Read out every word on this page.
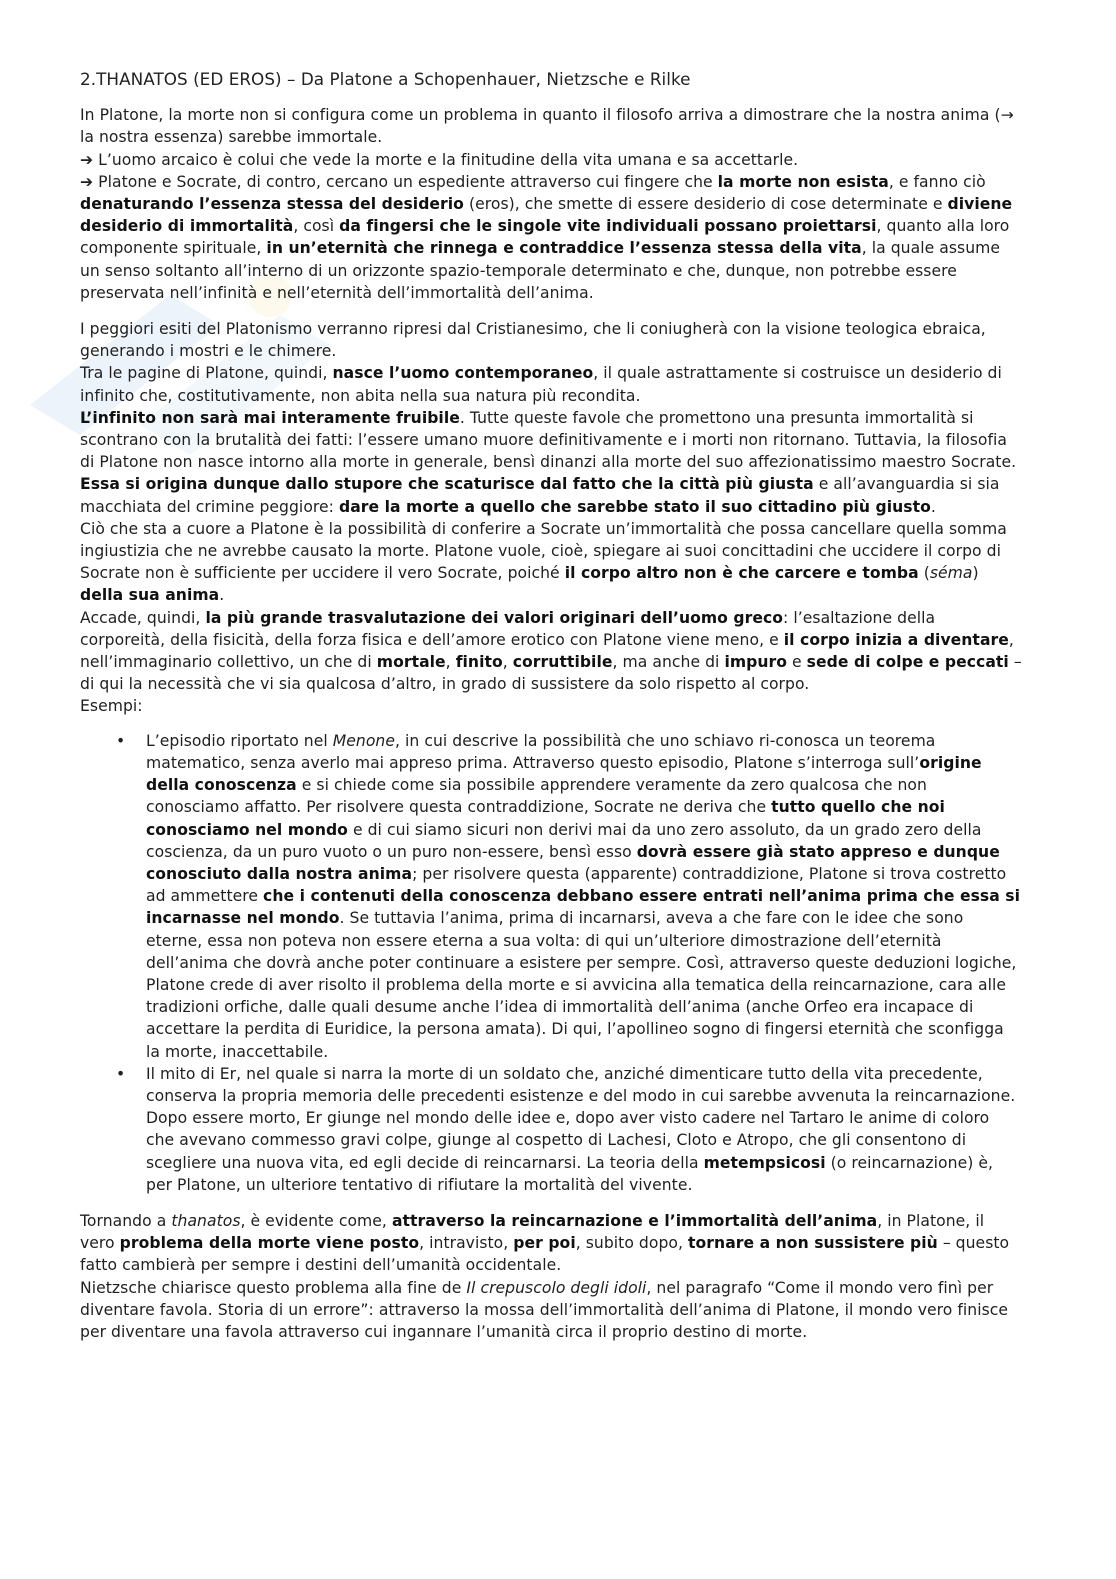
2.THANATOS (ED EROS) – Da Platone a Schopenhauer, Nietzsche e Rilke

In Platone, la morte non si configura come un problema in quanto il filosofo arriva a dimostrare che la nostra anima (→ la nostra essenza) sarebbe immortale.

➔ L’uomo arcaico è colui che vede la morte e la finitudine della vita umana e sa accettarle.

➔ Platone e Socrate, di contro, cercano un espediente attraverso cui fingere che la morte non esista, e fanno ciò denaturando l’essenza stessa del desiderio (eros), che smette di essere desiderio di cose determinate e diviene desiderio di immortalità, così da fingersi che le singole vite individuali possano proiettarsi, quanto alla loro componente spirituale, in un’eternità che rinnega e contraddice l’essenza stessa della vita, la quale assume un senso soltanto all’interno di un orizzonte spazio-temporale determinato e che, dunque, non potrebbe essere preservata nell’infinità e nell’eternità dell’immortalità dell’anima.

I peggiori esiti del Platonismo verranno ripresi dal Cristianesimo, che li coniugherà con la visione teologica ebraica, generando i mostri e le chimere.

Tra le pagine di Platone, quindi, nasce l’uomo contemporaneo, il quale astrattamente si costruisce un desiderio di infinito che, costitutivamente, non abita nella sua natura più recondita.

L’infinito non sarà mai interamente fruibile. Tutte queste favole che promettono una presunta immortalità si scontrano con la brutalità dei fatti: l’essere umano muore definitivamente e i morti non ritornano. Tuttavia, la filosofia di Platone non nasce intorno alla morte in generale, bensì dinanzi alla morte del suo affezionatissimo maestro Socrate. Essa si origina dunque dallo stupore che scaturisce dal fatto che la città più giusta e all’avanguardia si sia macchiata del crimine peggiore: dare la morte a quello che sarebbe stato il suo cittadino più giusto.

Ciò che sta a cuore a Platone è la possibilità di conferire a Socrate un’immortalità che possa cancellare quella somma ingiustizia che ne avrebbe causato la morte. Platone vuole, cioè, spiegare ai suoi concittadini che uccidere il corpo di Socrate non è sufficiente per uccidere il vero Socrate, poiché il corpo altro non è che carcere e tomba (séma) della sua anima.

Accade, quindi, la più grande trasvalutazione dei valori originari dell’uomo greco: l’esaltazione della corporeità, della fisicità, della forza fisica e dell’amore erotico con Platone viene meno, e il corpo inizia a diventare, nell’immaginario collettivo, un che di mortale, finito, corruttibile, ma anche di impuro e sede di colpe e peccati – di qui la necessità che vi sia qualcosa d’altro, in grado di sussistere da solo rispetto al corpo.

Esempi:

• L’episodio riportato nel Menone, in cui descrive la possibilità che uno schiavo ri-conosca un teorema matematico, senza averlo mai appreso prima. Attraverso questo episodio, Platone s’interroga sull’origine della conoscenza e si chiede come sia possibile apprendere veramente da zero qualcosa che non conosciamo affatto. Per risolvere questa contraddizione, Socrate ne deriva che tutto quello che noi conosciamo nel mondo e di cui siamo sicuri non derivi mai da uno zero assoluto, da un grado zero della coscienza, da un puro vuoto o un puro non-essere, bensì esso dovrà essere già stato appreso e dunque conosciuto dalla nostra anima; per risolvere questa (apparente) contraddizione, Platone si trova costretto ad ammettere che i contenuti della conoscenza debbano essere entrati nell’anima prima che essa si incarnasse nel mondo. Se tuttavia l’anima, prima di incarnarsi, aveva a che fare con le idee che sono eterne, essa non poteva non essere eterna a sua volta: di qui un’ulteriore dimostrazione dell’eternità dell’anima che dovrà anche poter continuare a esistere per sempre. Così, attraverso queste deduzioni logiche, Platone crede di aver risolto il problema della morte e si avvicina alla tematica della reincarnazione, cara alle tradizioni orfiche, dalle quali desume anche l’idea di immortalità dell’anima (anche Orfeo era incapace di accettare la perdita di Euridice, la persona amata). Di qui, l’apollineo sogno di fingersi eternità che sconfigga la morte, inaccettabile.
• Il mito di Er, nel quale si narra la morte di un soldato che, anziché dimenticare tutto della vita precedente, conserva la propria memoria delle precedenti esistenze e del modo in cui sarebbe avvenuta la reincarnazione. Dopo essere morto, Er giunge nel mondo delle idee e, dopo aver visto cadere nel Tartaro le anime di coloro che avevano commesso gravi colpe, giunge al cospetto di Lachesi, Cloto e Atropo, che gli consentono di scegliere una nuova vita, ed egli decide di reincarnarsi. La teoria della metempsicosi (o reincarnazione) è, per Platone, un ulteriore tentativo di rifiutare la mortalità del vivente.

Tornando a thanatos, è evidente come, attraverso la reincarnazione e l’immortalità dell’anima, in Platone, il vero problema della morte viene posto, intravisto, per poi, subito dopo, tornare a non sussistere più – questo fatto cambierà per sempre i destini dell’umanità occidentale.

Nietzsche chiarisce questo problema alla fine de Il crepuscolo degli idoli, nel paragrafo “Come il mondo vero finì per diventare favola. Storia di un errore”: attraverso la mossa dell’immortalità dell’anima di Platone, il mondo vero finisce per diventare una favola attraverso cui ingannare l’umanità circa il proprio destino di morte.
